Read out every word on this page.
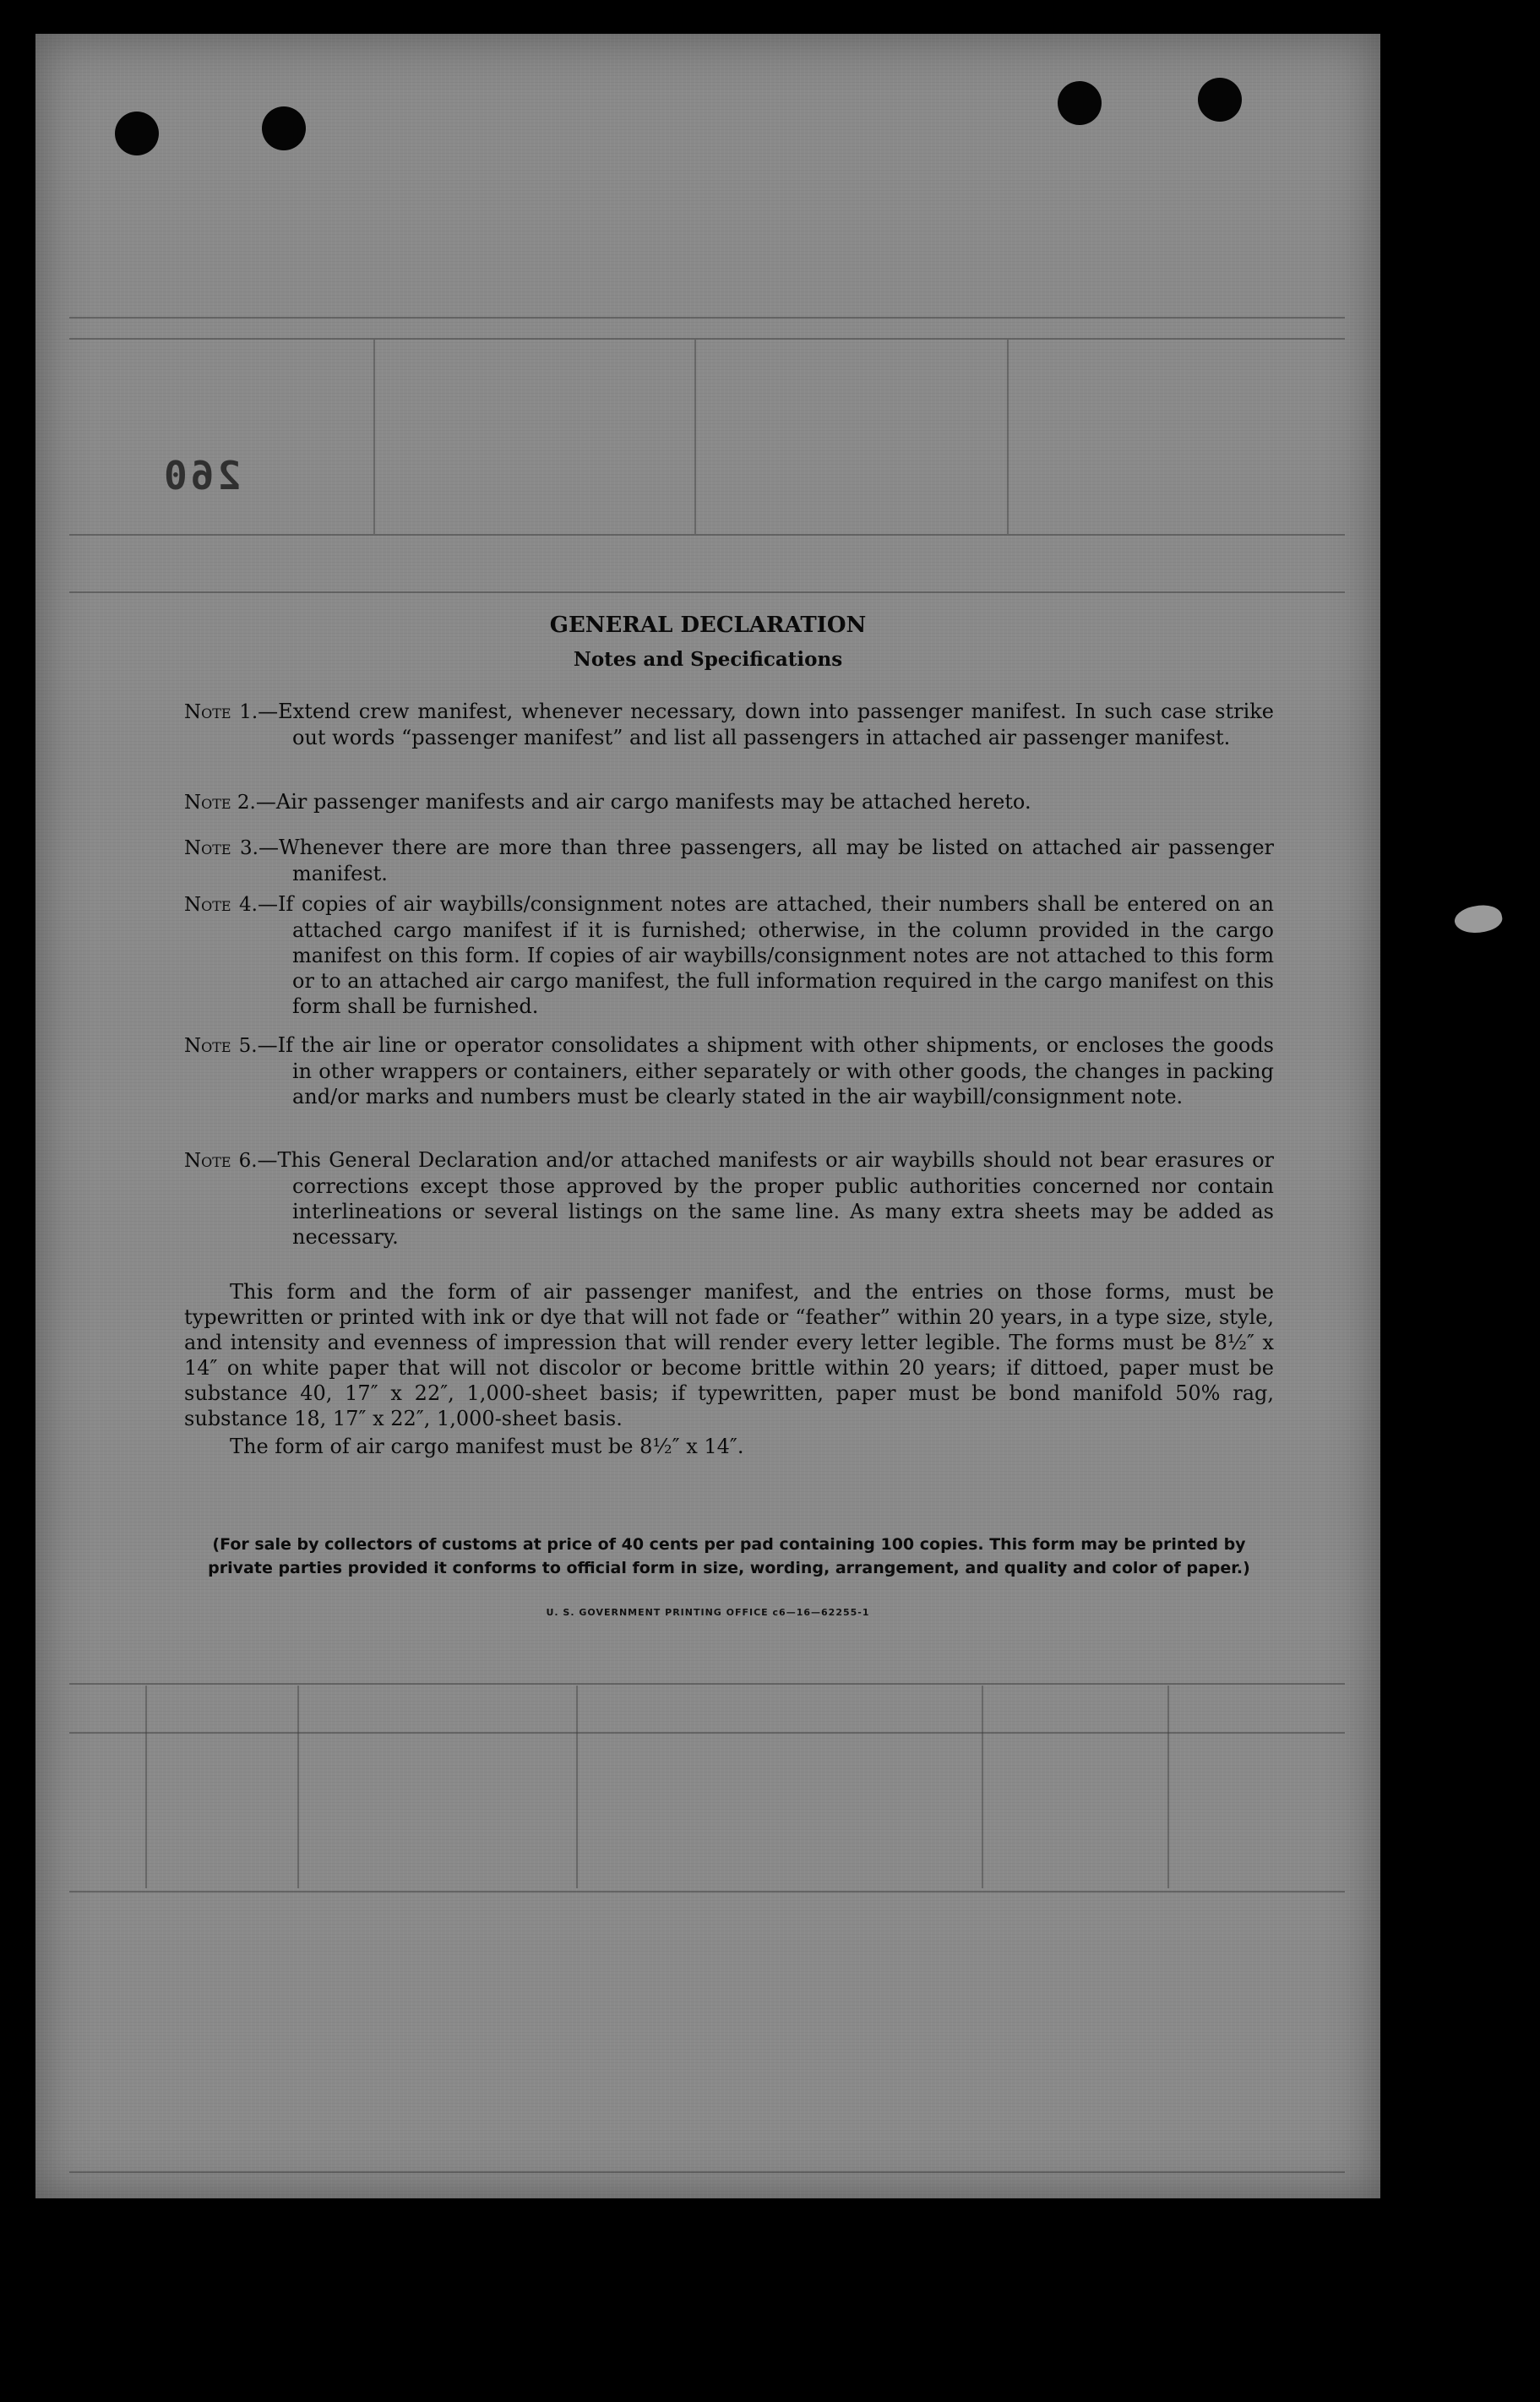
260
GENERAL DECLARATION
Notes and Specifications
Note 1.—Extend crew manifest, whenever necessary, down into passenger manifest. In such case strike out words “passenger manifest” and list all passengers in attached air passenger manifest.
Note 2.—Air passenger manifests and air cargo manifests may be attached hereto.
Note 3.—Whenever there are more than three passengers, all may be listed on attached air passenger manifest.
Note 4.—If copies of air waybills/consignment notes are attached, their numbers shall be entered on an attached cargo manifest if it is furnished; otherwise, in the column provided in the cargo manifest on this form. If copies of air waybills/consignment notes are not attached to this form or to an attached air cargo manifest, the full information required in the cargo manifest on this form shall be furnished.
Note 5.—If the air line or operator consolidates a shipment with other shipments, or encloses the goods in other wrappers or containers, either separately or with other goods, the changes in packing and/or marks and numbers must be clearly stated in the air waybill/consignment note.
Note 6.—This General Declaration and/or attached manifests or air waybills should not bear erasures or corrections except those approved by the proper public authorities concerned nor contain interlineations or several listings on the same line. As many extra sheets may be added as necessary.
This form and the form of air passenger manifest, and the entries on those forms, must be typewritten or printed with ink or dye that will not fade or “feather” within 20 years, in a type size, style, and intensity and evenness of impression that will render every letter legible. The forms must be 8½″ x 14″ on white paper that will not discolor or become brittle within 20 years; if dittoed, paper must be substance 40, 17″ x 22″, 1,000-sheet basis; if typewritten, paper must be bond manifold 50% rag, substance 18, 17″ x 22″, 1,000-sheet basis.
The form of air cargo manifest must be 8½″ x 14″.
(For sale by collectors of customs at price of 40 cents per pad containing 100 copies. This form may be printed by private parties provided it conforms to official form in size, wording, arrangement, and quality and color of paper.)
U. S. GOVERNMENT PRINTING OFFICE c6—16—62255-1
